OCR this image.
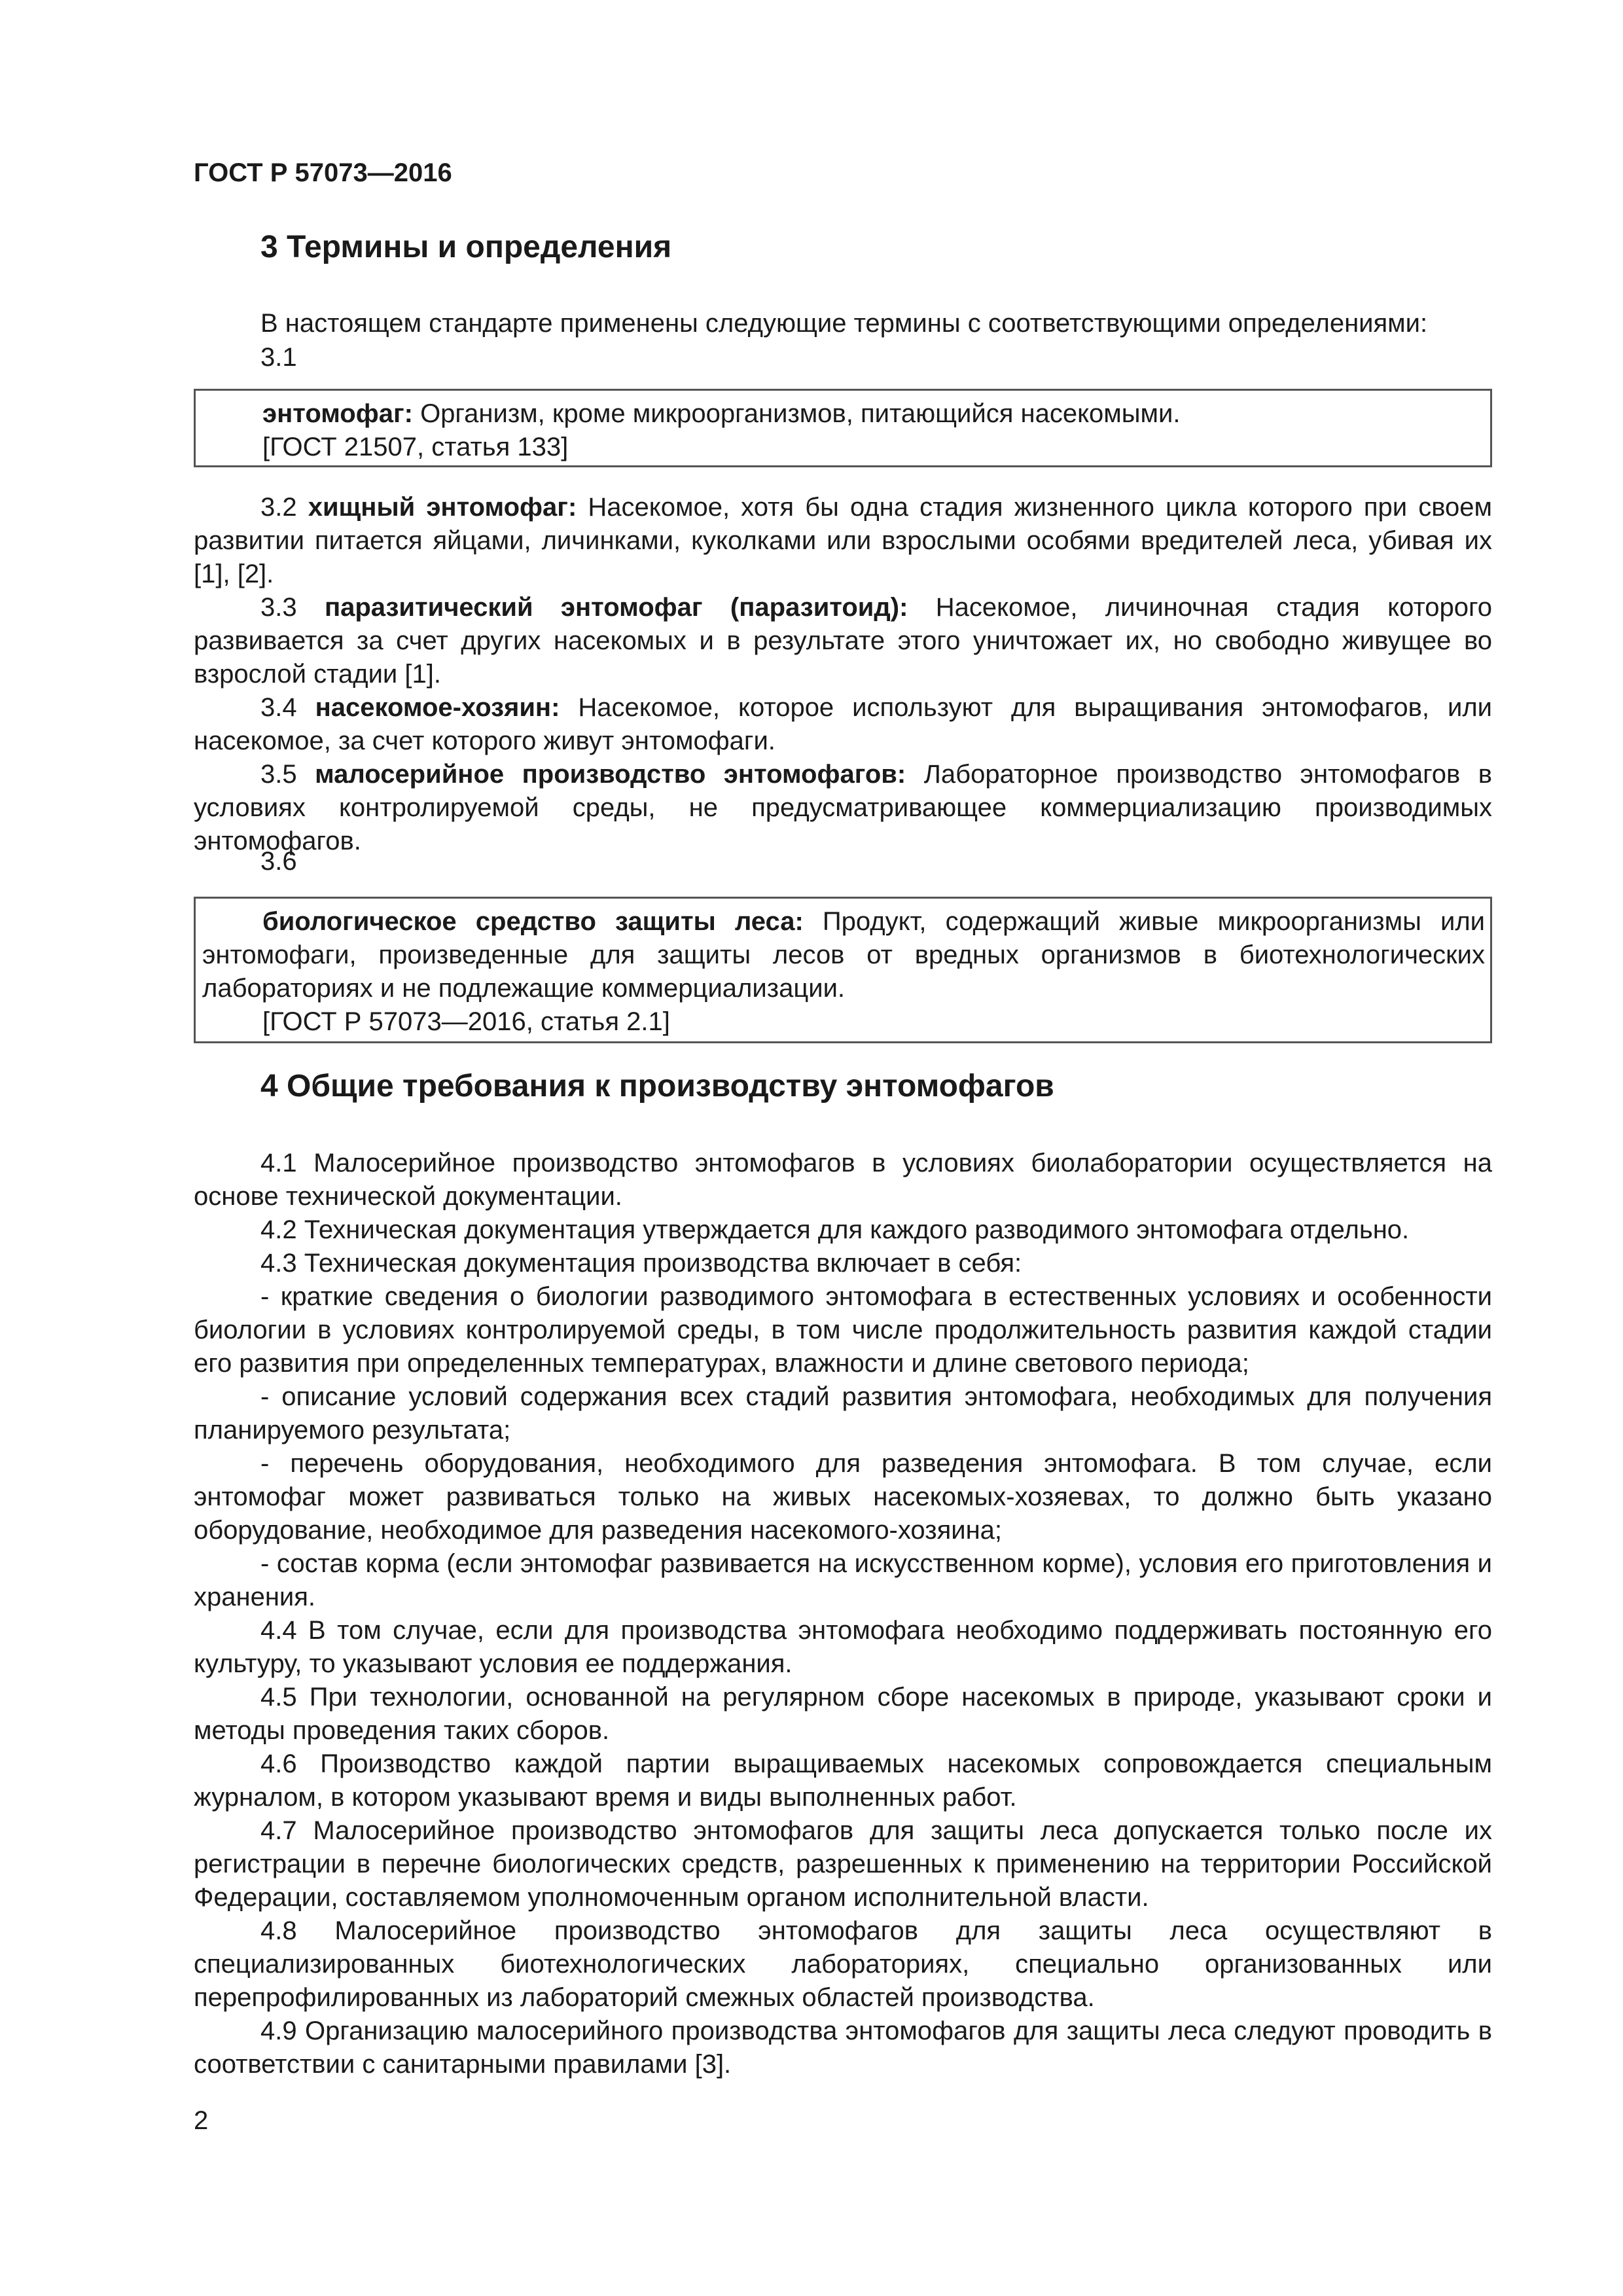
ГОСТ Р 57073—2016
3 Термины и определения
В настоящем стандарте применены следующие термины с соответствующими определениями:
3.1

энтомофаг: Организм, кроме микроорганизмов, питающийся насекомыми.

[ГОСТ 21507, статья 133]

3.2 хищный энтомофаг: Насекомое, хотя бы одна стадия жизненного цикла которого при своем развитии питается яйцами, личинками, куколками или взрослыми особями вредителей леса, убивая их [1], [2].

3.3 паразитический энтомофаг (паразитоид): Насекомое, личиночная стадия которого развивается за счет других насекомых и в результате этого уничтожает их, но свободно живущее во взрослой стадии [1].

3.4 насекомое-хозяин: Насекомое, которое используют для выращивания энтомофагов, или насекомое, за счет которого живут энтомофаги.

3.5 малосерийное производство энтомофагов: Лабораторное производство энтомофагов в условиях контролируемой среды, не предусматривающее коммерциализацию производимых энтомофагов.

3.6

биологическое средство защиты леса: Продукт, содержащий живые микроорганизмы или энтомофаги, произведенные для защиты лесов от вредных организмов в биотехнологических лабораториях и не подлежащие коммерциализации.

[ГОСТ Р 57073—2016, статья 2.1]

4 Общие требования к производству энтомофагов

4.1 Малосерийное производство энтомофагов в условиях биолаборатории осуществляется на основе технической документации.

4.2 Техническая документация утверждается для каждого разводимого энтомофага отдельно.

4.3 Техническая документация производства включает в себя:

- краткие сведения о биологии разводимого энтомофага в естественных условиях и особенности биологии в условиях контролируемой среды, в том числе продолжительность развития каждой стадии его развития при определенных температурах, влажности и длине светового периода;

- описание условий содержания всех стадий развития энтомофага, необходимых для получения планируемого результата;

- перечень оборудования, необходимого для разведения энтомофага. В том случае, если энтомофаг может развиваться только на живых насекомых-хозяевах, то должно быть указано оборудование, необходимое для разведения насекомого-хозяина;

- состав корма (если энтомофаг развивается на искусственном корме), условия его приготовления и хранения.

4.4 В том случае, если для производства энтомофага необходимо поддерживать постоянную его культуру, то указывают условия ее поддержания.

4.5 При технологии, основанной на регулярном сборе насекомых в природе, указывают сроки и методы проведения таких сборов.

4.6 Производство каждой партии выращиваемых насекомых сопровождается специальным журналом, в котором указывают время и виды выполненных работ.

4.7 Малосерийное производство энтомофагов для защиты леса допускается только после их регистрации в перечне биологических средств, разрешенных к применению на территории Российской Федерации, составляемом уполномоченным органом исполнительной власти.

4.8 Малосерийное производство энтомофагов для защиты леса осуществляют в специализированных биотехнологических лабораториях, специально организованных или перепрофилированных из лабораторий смежных областей производства.

4.9 Организацию малосерийного производства энтомофагов для защиты леса следуют проводить в соответствии с санитарными правилами [3].

2
